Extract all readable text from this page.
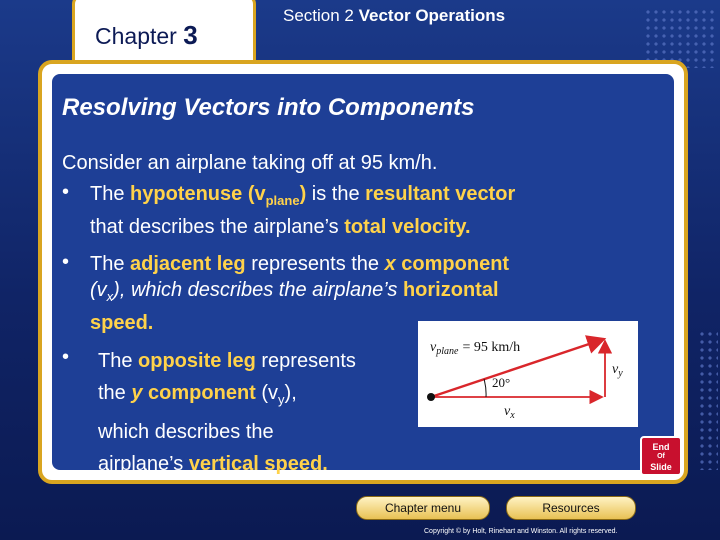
Chapter 3
Section 2 Vector Operations
Resolving Vectors into Components
Consider an airplane taking off at 95 km/h.
• The hypotenuse $(v_{plane})$ is the resultant vector
that describes the airplane’s total velocity.
• The adjacent leg represents the x component
$(v_x)$, which describes the airplane’s horizontal
speed.
• The opposite leg represents
the y component $(v_y)$,
which describes the
airplane’s vertical speed.
$v_{plane} = 95$ km/h
20°
$v_x$
$v_y$
End
Of
Slide
Chapter menu	Resources
Copyright © by Holt, Rinehart and Winston. All rights reserved.
